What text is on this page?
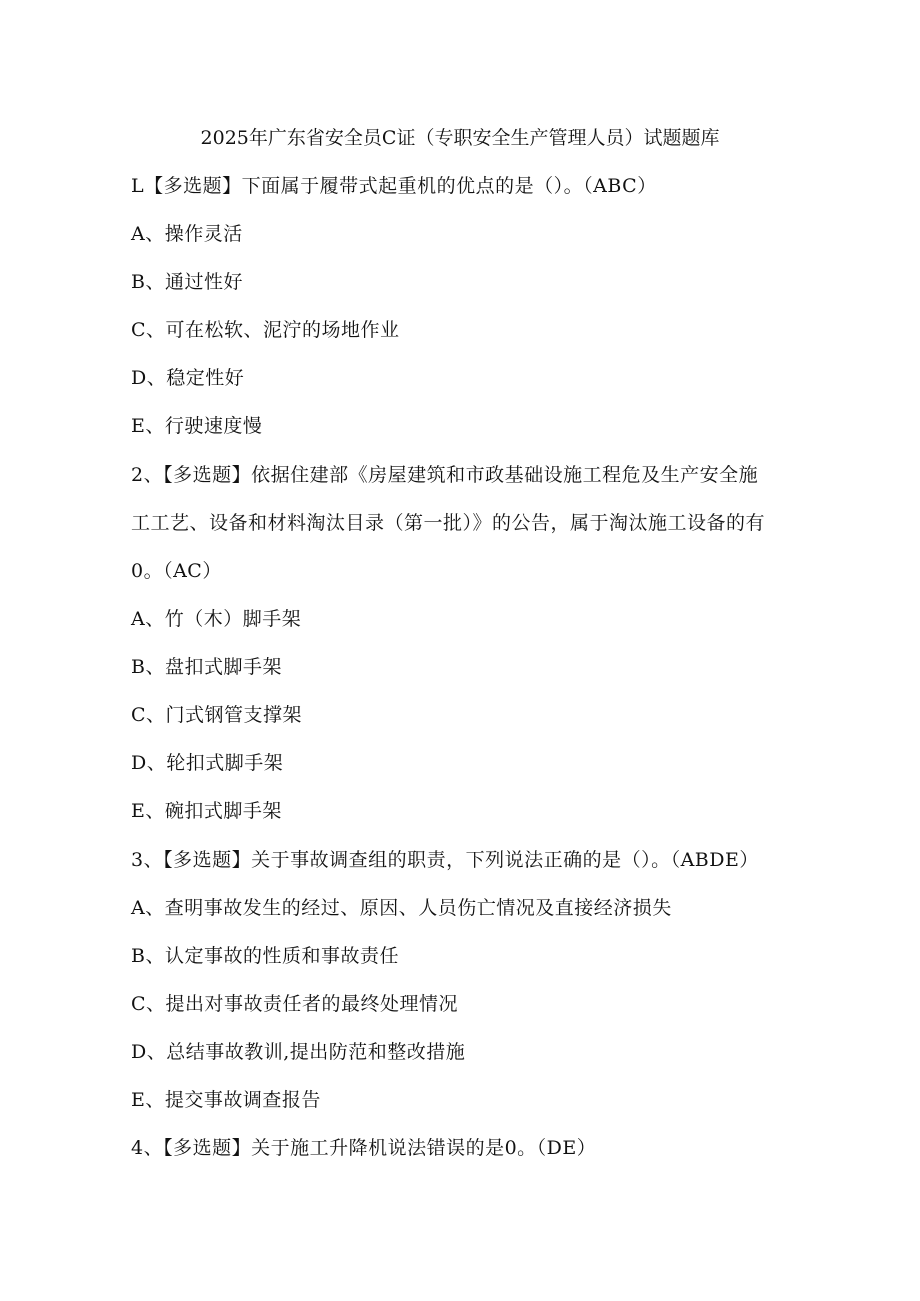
2025年广东省安全员C证（专职安全生产管理人员）试题题库
L【多选题】下面属于履带式起重机的优点的是（）。（ABC）
A、操作灵活
B、通过性好
C、可在松软、泥泞的场地作业
D、稳定性好
E、行驶速度慢
2、【多选题】依据住建部《房屋建筑和市政基础设施工程危及生产安全施
工工艺、设备和材料淘汰目录（第一批）》的公告，属于淘汰施工设备的有
0。（AC）
A、竹（木）脚手架
B、盘扣式脚手架
C、门式钢管支撑架
D、轮扣式脚手架
E、碗扣式脚手架
3、【多选题】关于事故调查组的职责，下列说法正确的是（）。（ABDE）
A、查明事故发生的经过、原因、人员伤亡情况及直接经济损失
B、认定事故的性质和事故责任
C、提出对事故责任者的最终处理情况
D、总结事故教训,提出防范和整改措施
E、提交事故调查报告
4、【多选题】关于施工升降机说法错误的是0。（DE）
